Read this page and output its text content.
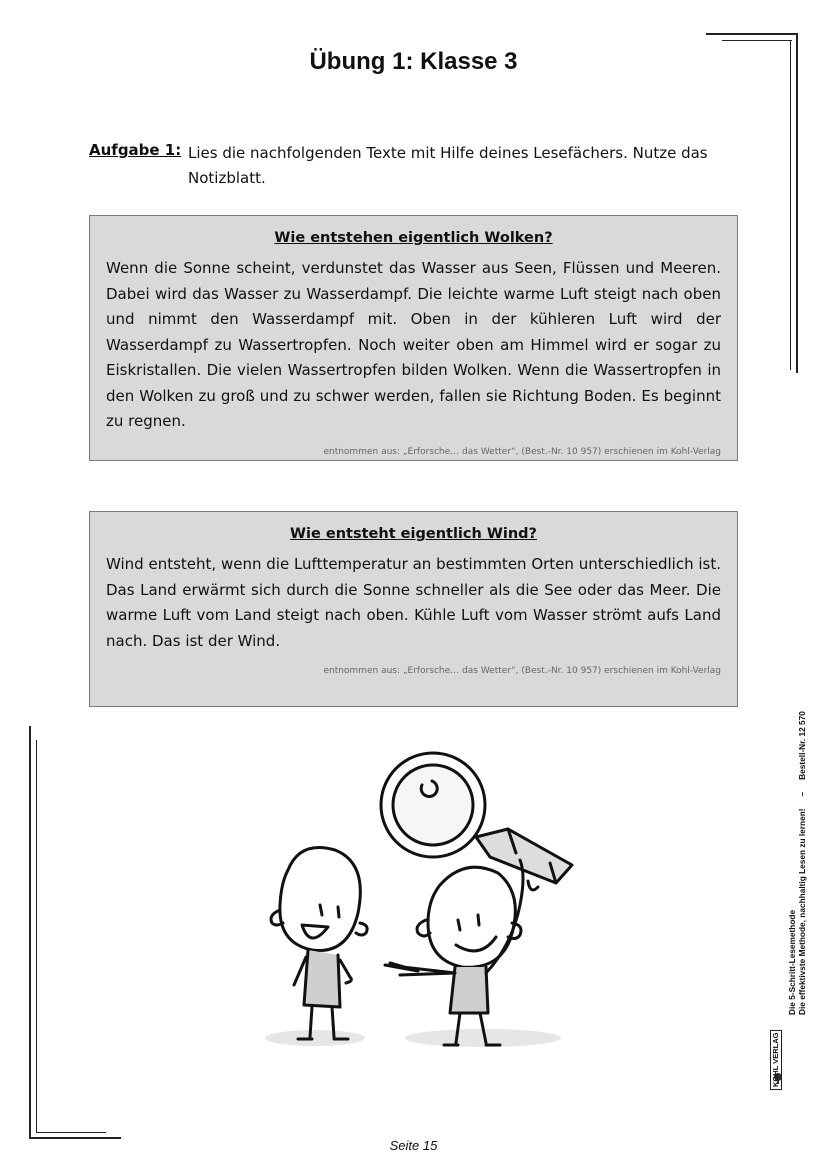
Übung 1: Klasse 3
Aufgabe 1: Lies die nachfolgenden Texte mit Hilfe deines Lesefächers. Nutze das Notizblatt.
Wie entstehen eigentlich Wolken?
Wenn die Sonne scheint, verdunstet das Wasser aus Seen, Flüssen und Meeren. Dabei wird das Wasser zu Wasserdampf. Die leichte warme Luft steigt nach oben und nimmt den Wasserdampf mit. Oben in der kühleren Luft wird der Wasserdampf zu Wassertropfen. Noch weiter oben am Himmel wird er sogar zu Eiskristallen. Die vielen Wassertropfen bilden Wolken. Wenn die Wassertropfen in den Wolken zu groß und zu schwer werden, fallen sie Richtung Boden. Es beginnt zu regnen.
entnommen aus: „Erforsche… das Wetter“, (Best.-Nr. 10 957) erschienen im Kohl-Verlag
Wie entsteht eigentlich Wind?
Wind entsteht, wenn die Lufttemperatur an bestimmten Orten unterschiedlich ist. Das Land erwärmt sich durch die Sonne schneller als die See oder das Meer. Die warme Luft vom Land steigt nach oben. Kühle Luft vom Wasser strömt aufs Land nach. Das ist der Wind.
entnommen aus: „Erforsche… das Wetter“, (Best.-Nr. 10 957) erschienen im Kohl-Verlag
Die 5-Schritt-Lesemethode Die effektivste Methode, nachhaltig Lesen zu lernen!
–
Bestell-Nr. 12 570
KOHL VERLAG
Seite 15
